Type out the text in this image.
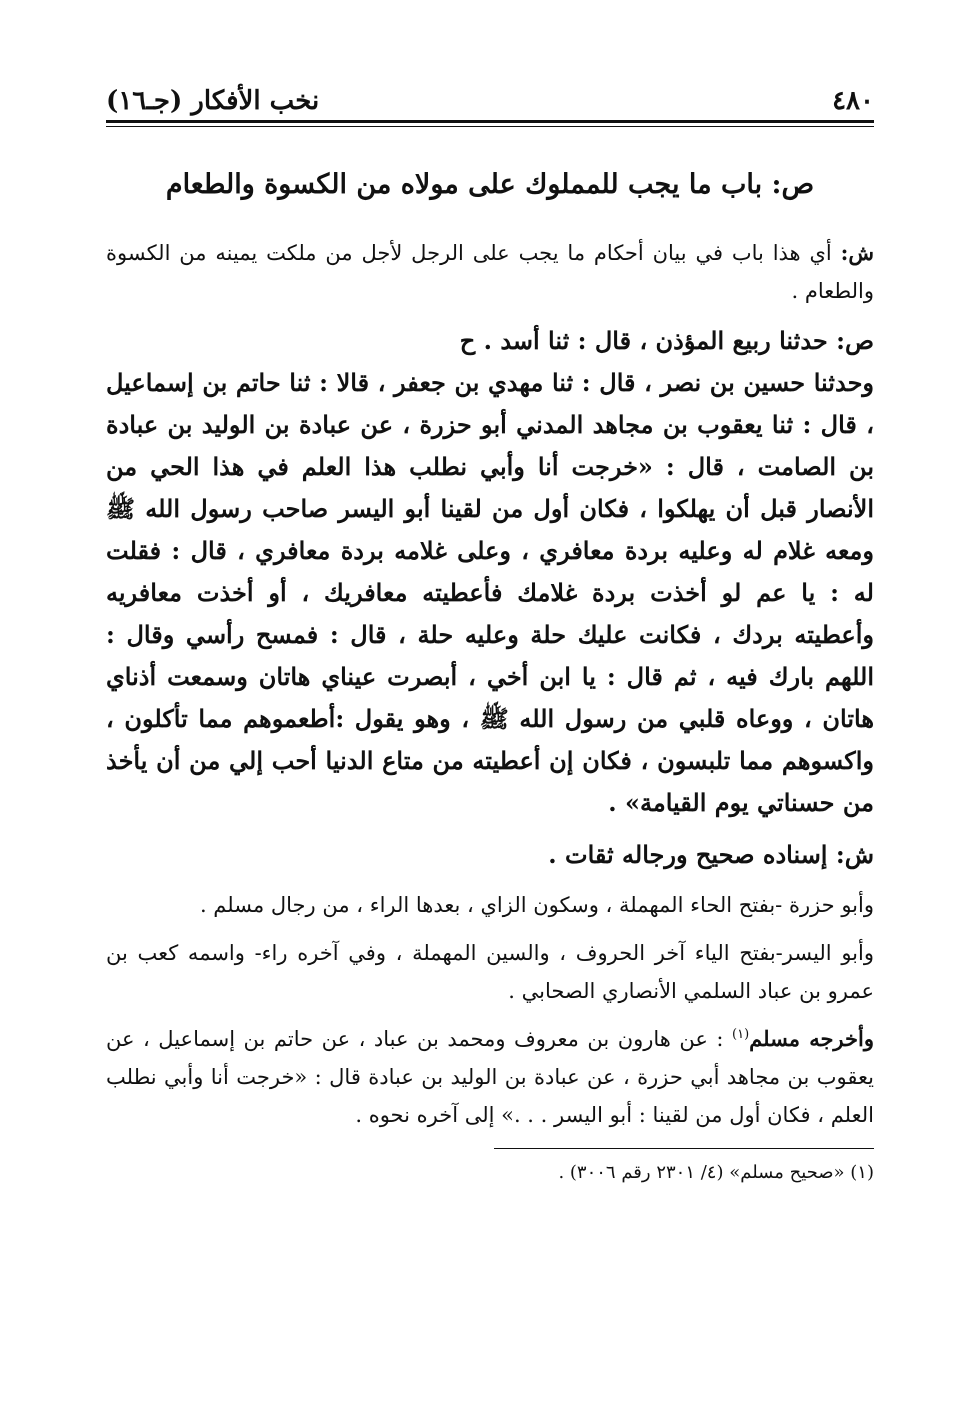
٤٨٠
نخب الأفكار (جـ١٦)
ص: باب ما يجب للمملوك على مولاه من الكسوة والطعام

ش: أي هذا باب في بيان أحكام ما يجب على الرجل لأجل من ملكت يمينه من الكسوة والطعام .

ص: حدثنا ربيع المؤذن ، قال : ثنا أسد . ح

وحدثنا حسين بن نصر ، قال : ثنا مهدي بن جعفر ، قالا : ثنا حاتم بن إسماعيل ، قال : ثنا يعقوب بن مجاهد المدني أبو حزرة ، عن عبادة بن الوليد بن عبادة بن الصامت ، قال : «خرجت أنا وأبي نطلب هذا العلم في هذا الحي من الأنصار قبل أن يهلكوا ، فكان أول من لقينا أبو اليسر صاحب رسول الله ﷺ ومعه غلام له وعليه بردة معافري ، وعلى غلامه بردة معافري ، قال : فقلت له : يا عم لو أخذت بردة غلامك فأعطيته معافريك ، أو أخذت معافريه وأعطيته بردك ، فكانت عليك حلة وعليه حلة ، قال : فمسح رأسي وقال : اللهم بارك فيه ، ثم قال : يا ابن أخي ، أبصرت عيناي هاتان وسمعت أذناي هاتان ، ووعاه قلبي من رسول الله ﷺ ، وهو يقول :أطعموهم مما تأكلون ، واكسوهم مما تلبسون ، فكان إن أعطيته من متاع الدنيا أحب إلي من أن يأخذ من حسناتي يوم القيامة» .

ش: إسناده صحيح ورجاله ثقات .

وأبو حزرة -بفتح الحاء المهملة ، وسكون الزاي ، بعدها الراء ، من رجال مسلم .

وأبو اليسر-بفتح الياء آخر الحروف ، والسين المهملة ، وفي آخره راء- واسمه كعب بن عمرو بن عباد السلمي الأنصاري الصحابي .

وأخرجه مسلم$^{(١)}$ : عن هارون بن معروف ومحمد بن عباد ، عن حاتم بن إسماعيل ، عن يعقوب بن مجاهد أبي حزرة ، عن عبادة بن الوليد بن عبادة قال : «خرجت أنا وأبي نطلب العلم ، فكان أول من لقينا : أبو اليسر . . .» إلى آخره نحوه .

(١) «صحيح مسلم» (٤/ ٢٣٠١ رقم ٣٠٠٦) .
